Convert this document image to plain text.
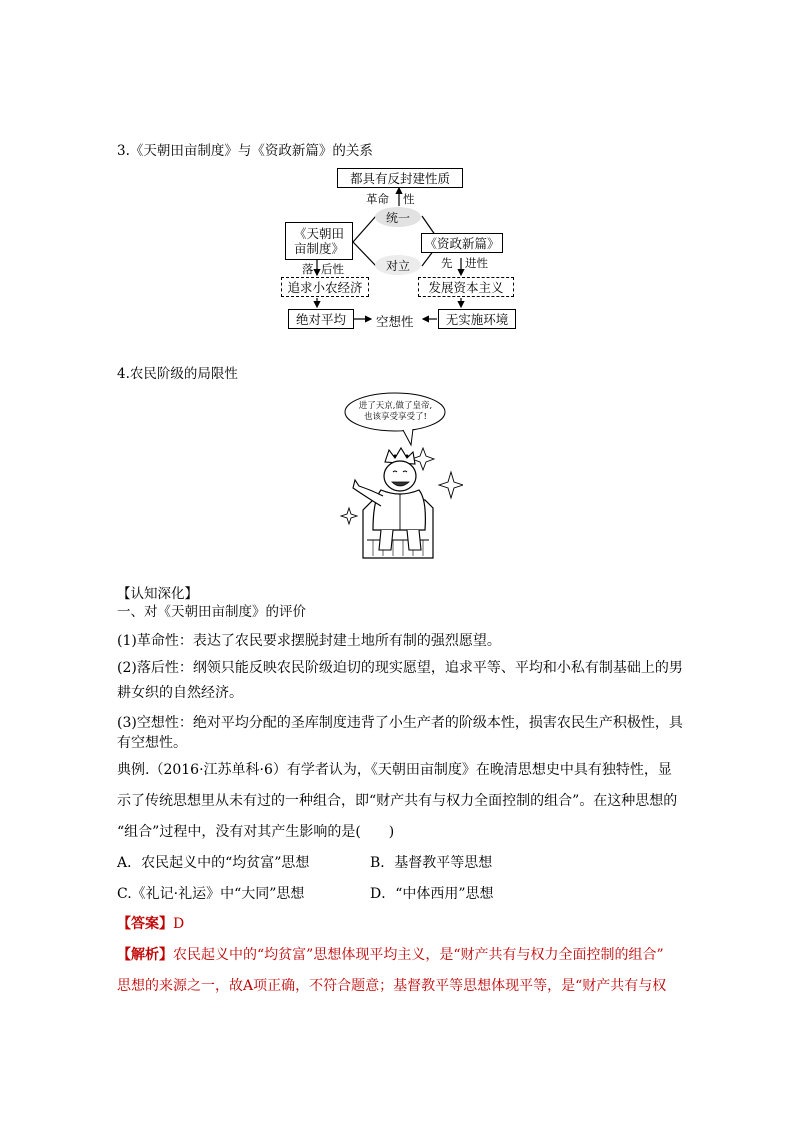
3.《天朝田亩制度》与《资政新篇》的关系
都具有反封建性质
革命 性
统一
《天朝田
亩制度》	《资政新篇》
对立
落 后性	先 进性
追求小农经济	发展资本主义
绝对平均	空想性	无实施环境
4.农民阶级的局限性
进了天京,做了皇帝,
也该享受享受了!
【认知深化】
一、对《天朝田亩制度》的评价
(1)革命性：表达了农民要求摆脱封建土地所有制的强烈愿望。
(2)落后性：纲领只能反映农民阶级迫切的现实愿望，追求平等、平均和小私有制基础上的男
耕女织的自然经济。
(3)空想性：绝对平均分配的圣库制度违背了小生产者的阶级本性，损害农民生产积极性，具
有空想性。
典例.（2016·江苏单科·6）有学者认为，《天朝田亩制度》在晚清思想史中具有独特性，显
示了传统思想里从未有过的一种组合，即“财产共有与权力全面控制的组合”。在这种思想的
“组合”过程中，没有对其产生影响的是(　　)
A．农民起义中的“均贫富”思想	B．基督教平等思想
C.《礼记·礼运》中“大同”思想	D．“中体西用”思想
【答案】D
【解析】农民起义中的“均贫富”思想体现平均主义，是“财产共有与权力全面控制的组合”
思想的来源之一，故A项正确，不符合题意；基督教平等思想体现平等，是“财产共有与权
